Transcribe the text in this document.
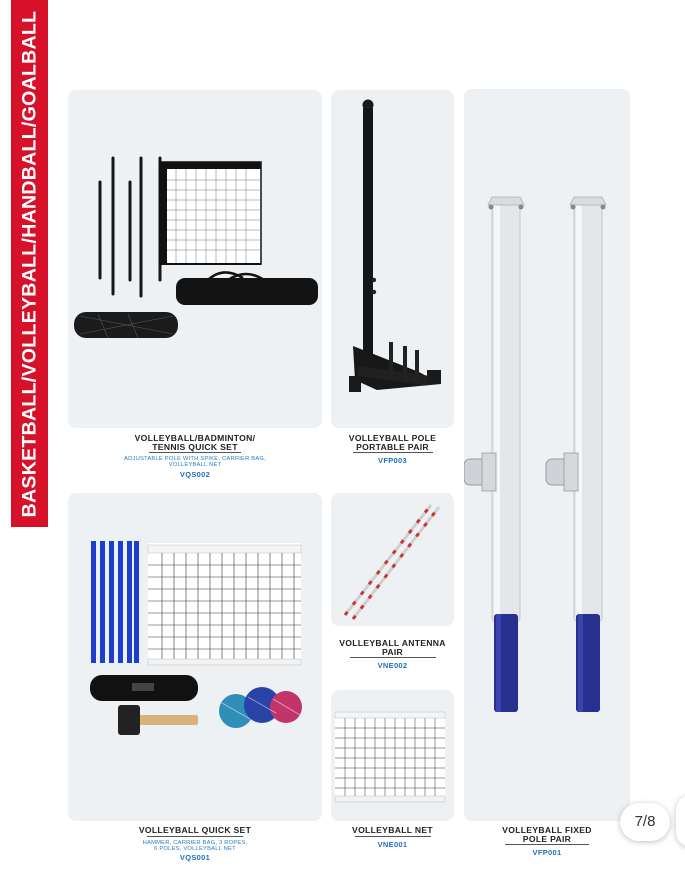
BASKETBALL/VOLLEYBALL/HANDBALL/GOALBALL	VOLLEYBALL/BADMINTON/
TENNIS QUICK SET
ADJUSTABLE POLE WITH SPIKE, CARRIER BAG,
VOLLEYBALL NET
VQS002
VOLLEYBALL POLE
PORTABLE PAIR
VFP003
VOLLEYBALL QUICK SET
HAMMER, CARRIER BAG, 3 ROPES,
6 POLES, VOLLEYBALL NET
VQS001
VOLLEYBALL ANTENNA
PAIR
VNE002
VOLLEYBALL NET
VNE001
VOLLEYBALL FIXED
POLE PAIR
VFP001
7/8
